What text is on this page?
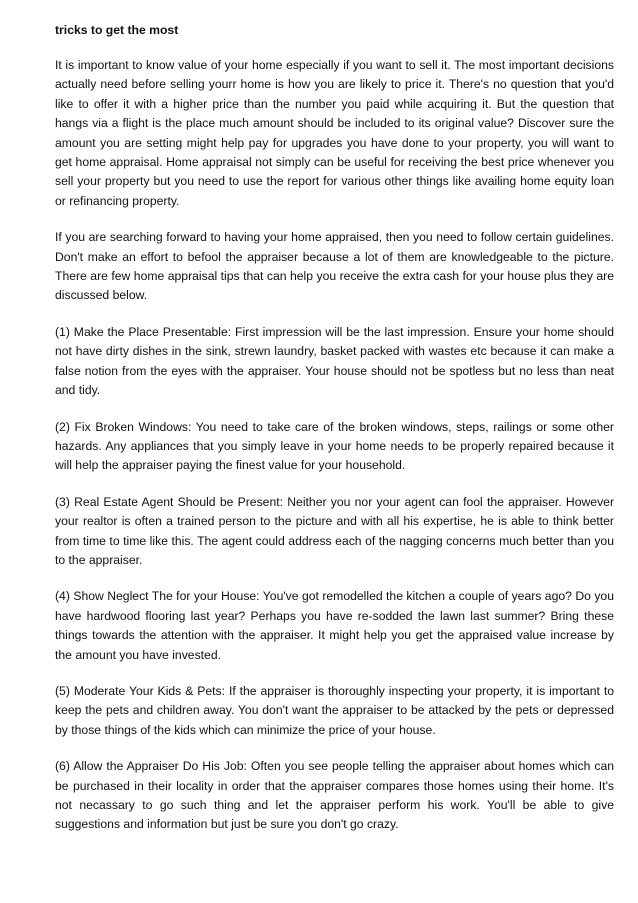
tricks to get the most

It is important to know value of your home especially if you want to sell it. The most important decisions actually need before selling yourr home is how you are likely to price it. There's no question that you'd like to offer it with a higher price than the number you paid while acquiring it. But the question that hangs via a flight is the place much amount should be included to its original value? Discover sure the amount you are setting might help pay for upgrades you have done to your property, you will want to get home appraisal. Home appraisal not simply can be useful for receiving the best price whenever you sell your property but you need to use the report for various other things like availing home equity loan or refinancing property.

If you are searching forward to having your home appraised, then you need to follow certain guidelines. Don't make an effort to befool the appraiser because a lot of them are knowledgeable to the picture. There are few home appraisal tips that can help you receive the extra cash for your house plus they are discussed below.

(1) Make the Place Presentable: First impression will be the last impression. Ensure your home should not have dirty dishes in the sink, strewn laundry, basket packed with wastes etc because it can make a false notion from the eyes with the appraiser. Your house should not be spotless but no less than neat and tidy.

(2) Fix Broken Windows: You need to take care of the broken windows, steps, railings or some other hazards. Any appliances that you simply leave in your home needs to be properly repaired because it will help the appraiser paying the finest value for your household.

(3) Real Estate Agent Should be Present: Neither you nor your agent can fool the appraiser. However your realtor is often a trained person to the picture and with all his expertise, he is able to think better from time to time like this. The agent could address each of the nagging concerns much better than you to the appraiser.

(4) Show Neglect The for your House: You've got remodelled the kitchen a couple of years ago? Do you have hardwood flooring last year? Perhaps you have re-sodded the lawn last summer? Bring these things towards the attention with the appraiser. It might help you get the appraised value increase by the amount you have invested.

(5) Moderate Your Kids & Pets: If the appraiser is thoroughly inspecting your property, it is important to keep the pets and children away. You don't want the appraiser to be attacked by the pets or depressed by those things of the kids which can minimize the price of your house.

(6) Allow the Appraiser Do His Job: Often you see people telling the appraiser about homes which can be purchased in their locality in order that the appraiser compares those homes using their home. It's not necassary to go such thing and let the appraiser perform his work. You'll be able to give suggestions and information but just be sure you don't go crazy.
